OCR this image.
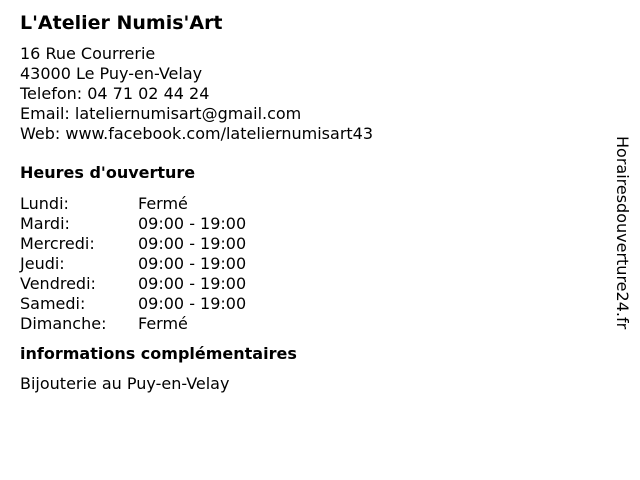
L'Atelier Numis'Art
16 Rue Courrerie
43000 Le Puy-en-Velay
Telefon: 04 71 02 44 24
Email: lateliernumisart@gmail.com
Web: www.facebook.com/lateliernumisart43
Heures d'ouverture
Lundi:	Fermé
Mardi:	09:00 - 19:00
Mercredi:	09:00 - 19:00
Jeudi:	09:00 - 19:00
Vendredi:	09:00 - 19:00
Samedi:	09:00 - 19:00
Dimanche:	Fermé
informations complémentaires
Bijouterie au Puy-en-Velay
Horairesdouverture24.fr
